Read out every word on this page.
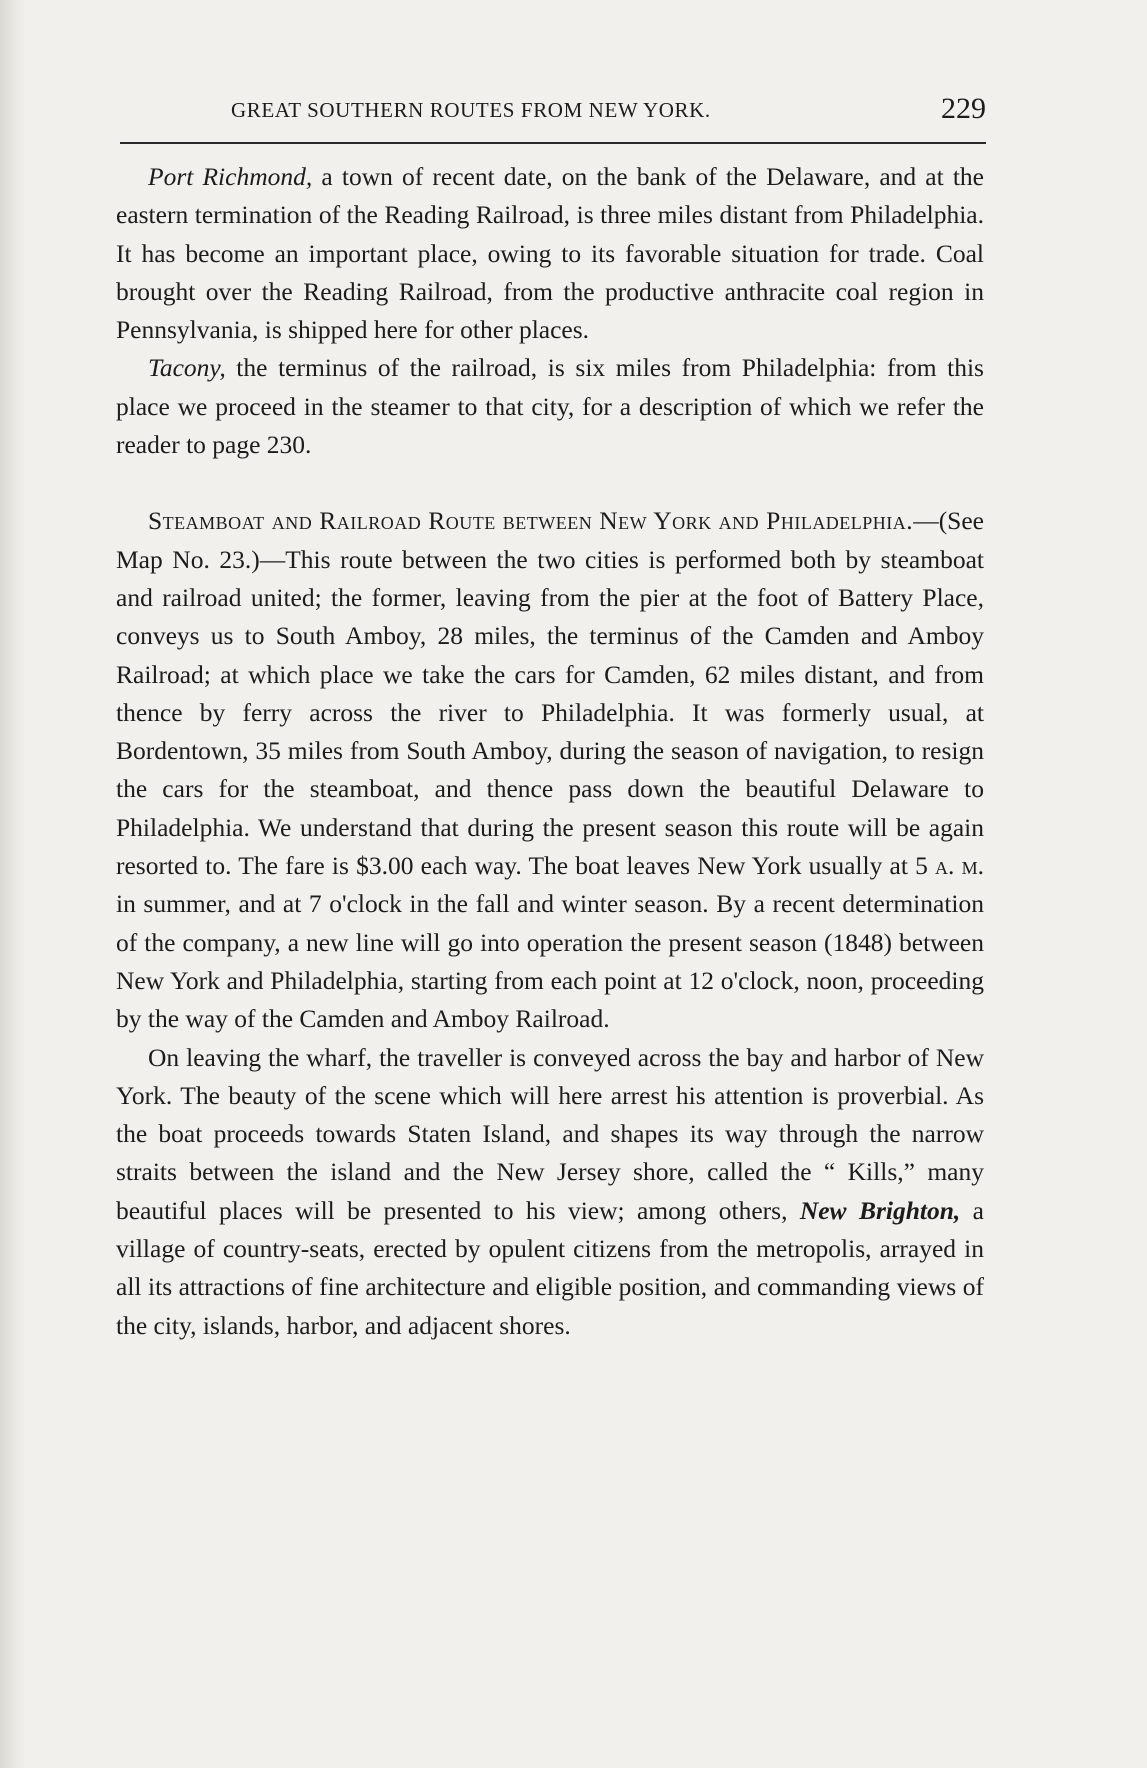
GREAT SOUTHERN ROUTES FROM NEW YORK.	229

Port Richmond, a town of recent date, on the bank of the Delaware, and at the eastern termination of the Reading Railroad, is three miles distant from Philadelphia. It has become an important place, owing to its favorable situation for trade. Coal brought over the Reading Railroad, from the productive anthracite coal region in Pennsylvania, is shipped here for other places.

Tacony, the terminus of the railroad, is six miles from Philadelphia: from this place we proceed in the steamer to that city, for a description of which we refer the reader to page 230.

Steamboat and Railroad Route between New York and Philadelphia.—(See Map No. 23.)—This route between the two cities is performed both by steamboat and railroad united; the former, leaving from the pier at the foot of Battery Place, conveys us to South Amboy, 28 miles, the terminus of the Camden and Amboy Railroad; at which place we take the cars for Camden, 62 miles distant, and from thence by ferry across the river to Philadelphia. It was formerly usual, at Bordentown, 35 miles from South Amboy, during the season of navigation, to resign the cars for the steamboat, and thence pass down the beautiful Delaware to Philadelphia. We understand that during the present season this route will be again resorted to. The fare is $3.00 each way. The boat leaves New York usually at 5 a. m. in summer, and at 7 o'clock in the fall and winter season. By a recent determination of the company, a new line will go into operation the present season (1848) between New York and Philadelphia, starting from each point at 12 o'clock, noon, proceeding by the way of the Camden and Amboy Railroad.

On leaving the wharf, the traveller is conveyed across the bay and harbor of New York. The beauty of the scene which will here arrest his attention is proverbial. As the boat proceeds towards Staten Island, and shapes its way through the narrow straits between the island and the New Jersey shore, called the “ Kills,” many beautiful places will be presented to his view; among others, New Brighton, a village of country-seats, erected by opulent citizens from the metropolis, arrayed in all its attractions of fine architecture and eligible position, and commanding views of the city, islands, harbor, and adjacent shores.
